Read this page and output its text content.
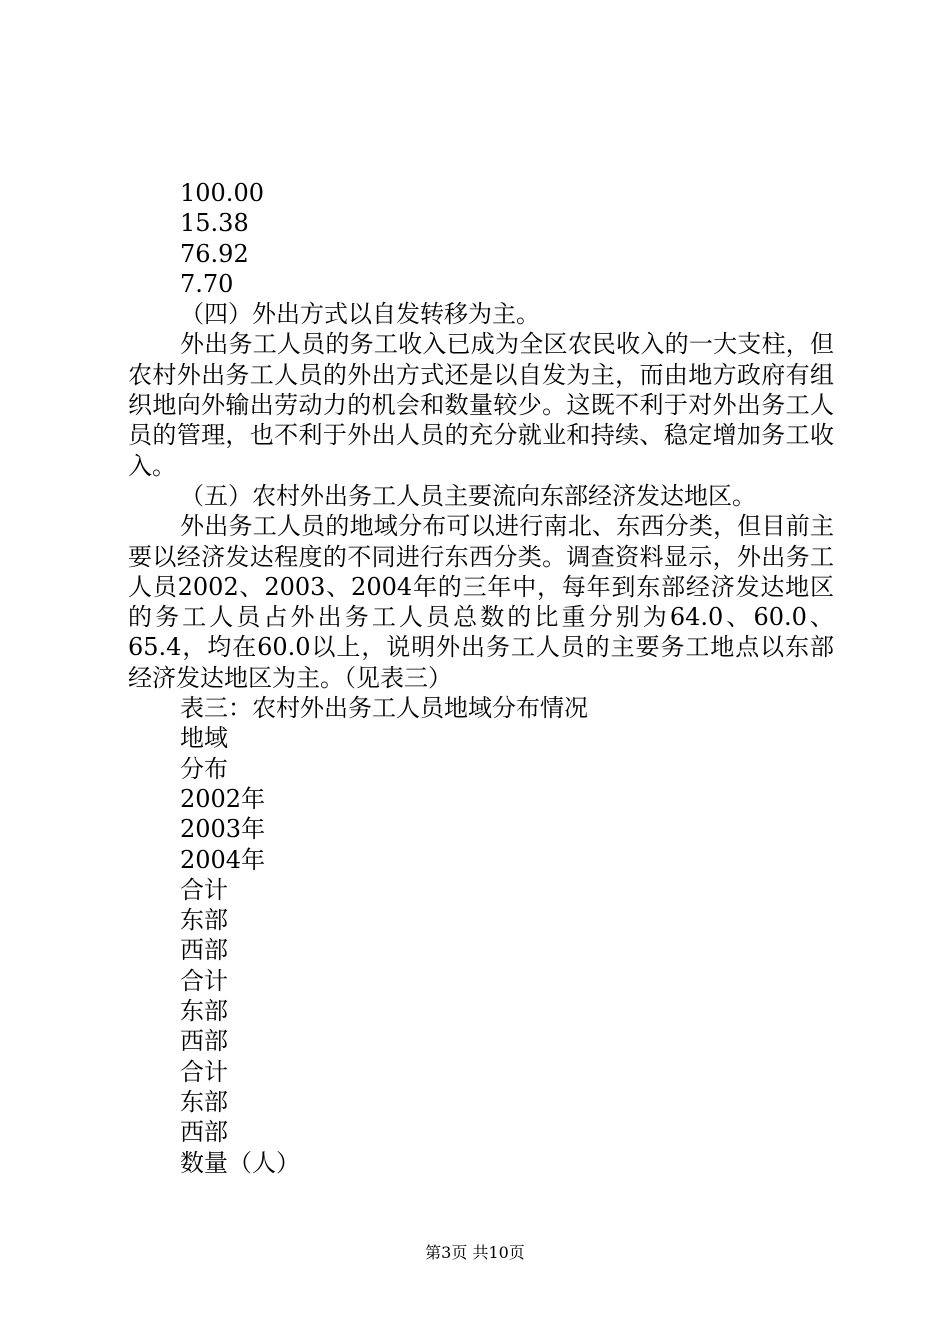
100.00
15.38
76.92
7.70
（四）外出方式以自发转移为主。

外出务工人员的务工收入已成为全区农民收入的一大支柱，但农村外出务工人员的外出方式还是以自发为主，而由地方政府有组织地向外输出劳动力的机会和数量较少。这既不利于对外出务工人员的管理，也不利于外出人员的充分就业和持续、稳定增加务工收入。

（五）农村外出务工人员主要流向东部经济发达地区。

外出务工人员的地域分布可以进行南北、东西分类，但目前主要以经济发达程度的不同进行东西分类。调查资料显示，外出务工人员2002、2003、2004年的三年中，每年到东部经济发达地区的务工人员占外出务工人员总数的比重分别为64.0、60.0、65.4，均在60.0以上，说明外出务工人员的主要务工地点以东部经济发达地区为主。（见表三）

表三：农村外出务工人员地域分布情况
地域
分布
2002年
2003年
2004年
合计
东部
西部
合计
东部
西部
合计
东部
西部
数量（人）
第3页 共10页
